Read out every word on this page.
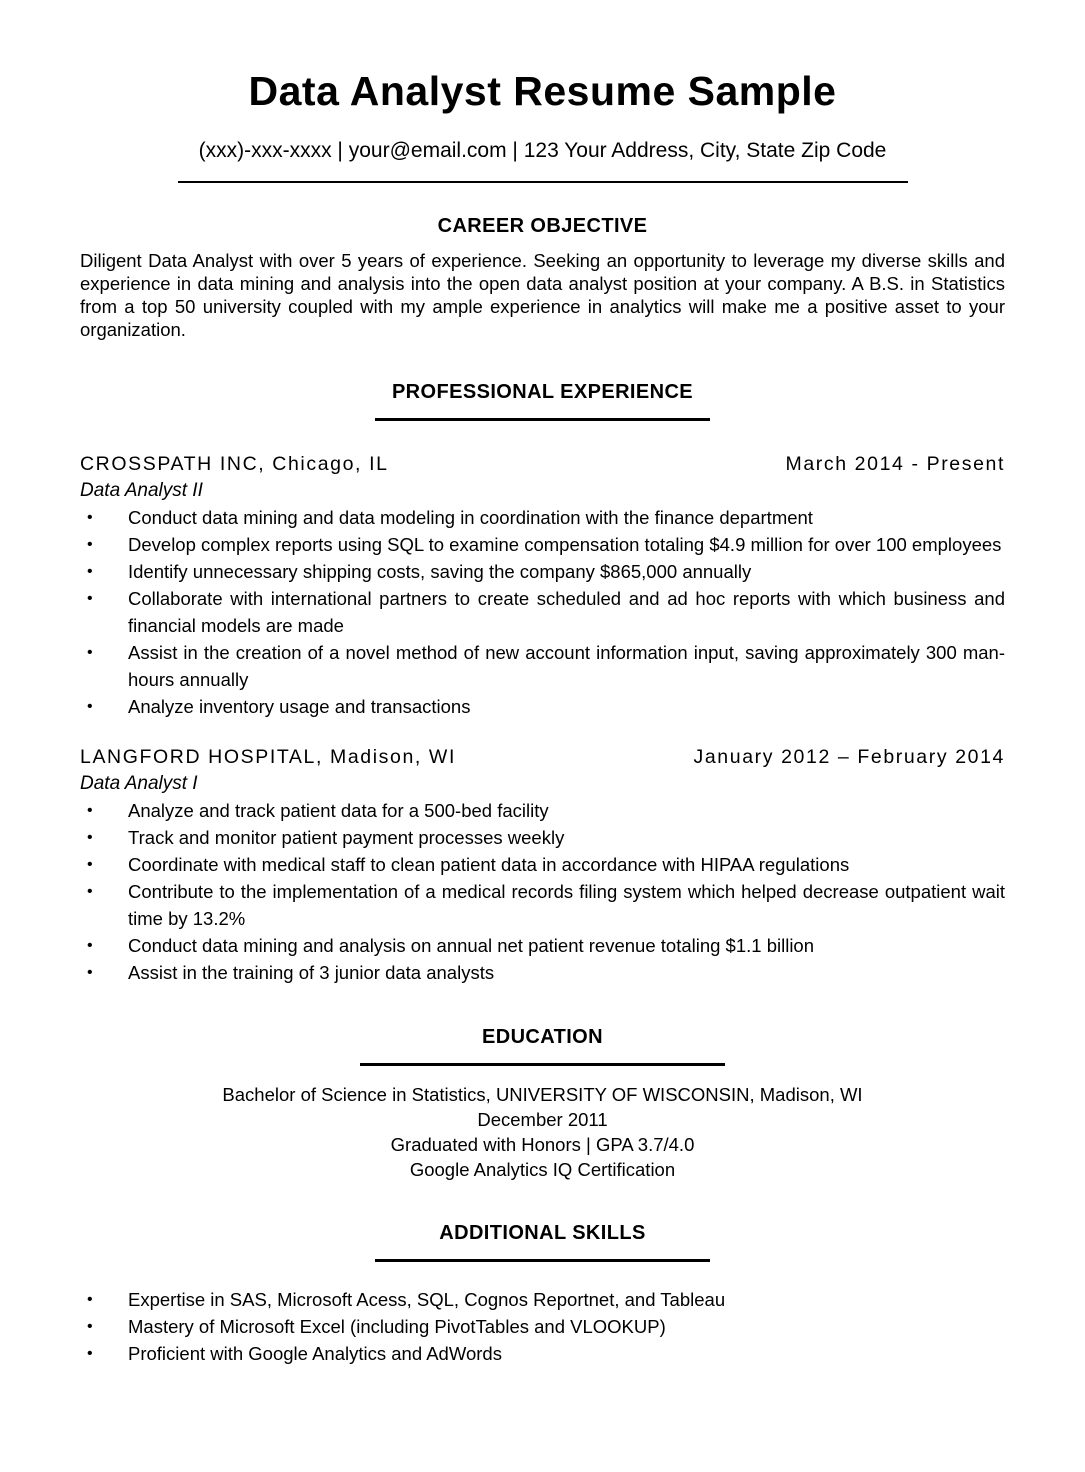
Data Analyst Resume Sample
(xxx)-xxx-xxxx | your@email.com | 123 Your Address, City, State Zip Code
CAREER OBJECTIVE

Diligent Data Analyst with over 5 years of experience. Seeking an opportunity to leverage my diverse skills and experience in data mining and analysis into the open data analyst position at your company. A B.S. in Statistics from a top 50 university coupled with my ample experience in analytics will make me a positive asset to your organization.

PROFESSIONAL EXPERIENCE
CROSSPATH INC, Chicago, IL	March 2014 - Present
Data Analyst II
•	Conduct data mining and data modeling in coordination with the finance department
•	Develop complex reports using SQL to examine compensation totaling $4.9 million for over 100 employees
•	Identify unnecessary shipping costs, saving the company $865,000 annually
•	Collaborate with international partners to create scheduled and ad hoc reports with which business and financial models are made
•	Assist in the creation of a novel method of new account information input, saving approximately 300 man-hours annually
•	Analyze inventory usage and transactions
LANGFORD HOSPITAL, Madison, WI	January 2012 – February 2014
Data Analyst I
•	Analyze and track patient data for a 500-bed facility
•	Track and monitor patient payment processes weekly
•	Coordinate with medical staff to clean patient data in accordance with HIPAA regulations
•	Contribute to the implementation of a medical records filing system which helped decrease outpatient wait time by 13.2%
•	Conduct data mining and analysis on annual net patient revenue totaling $1.1 billion
•	Assist in the training of 3 junior data analysts
EDUCATION
Bachelor of Science in Statistics, UNIVERSITY OF WISCONSIN, Madison, WI
December 2011
Graduated with Honors | GPA 3.7/4.0
Google Analytics IQ Certification
ADDITIONAL SKILLS
•	Expertise in SAS, Microsoft Acess, SQL, Cognos Reportnet, and Tableau
•	Mastery of Microsoft Excel (including PivotTables and VLOOKUP)
•	Proficient with Google Analytics and AdWords
